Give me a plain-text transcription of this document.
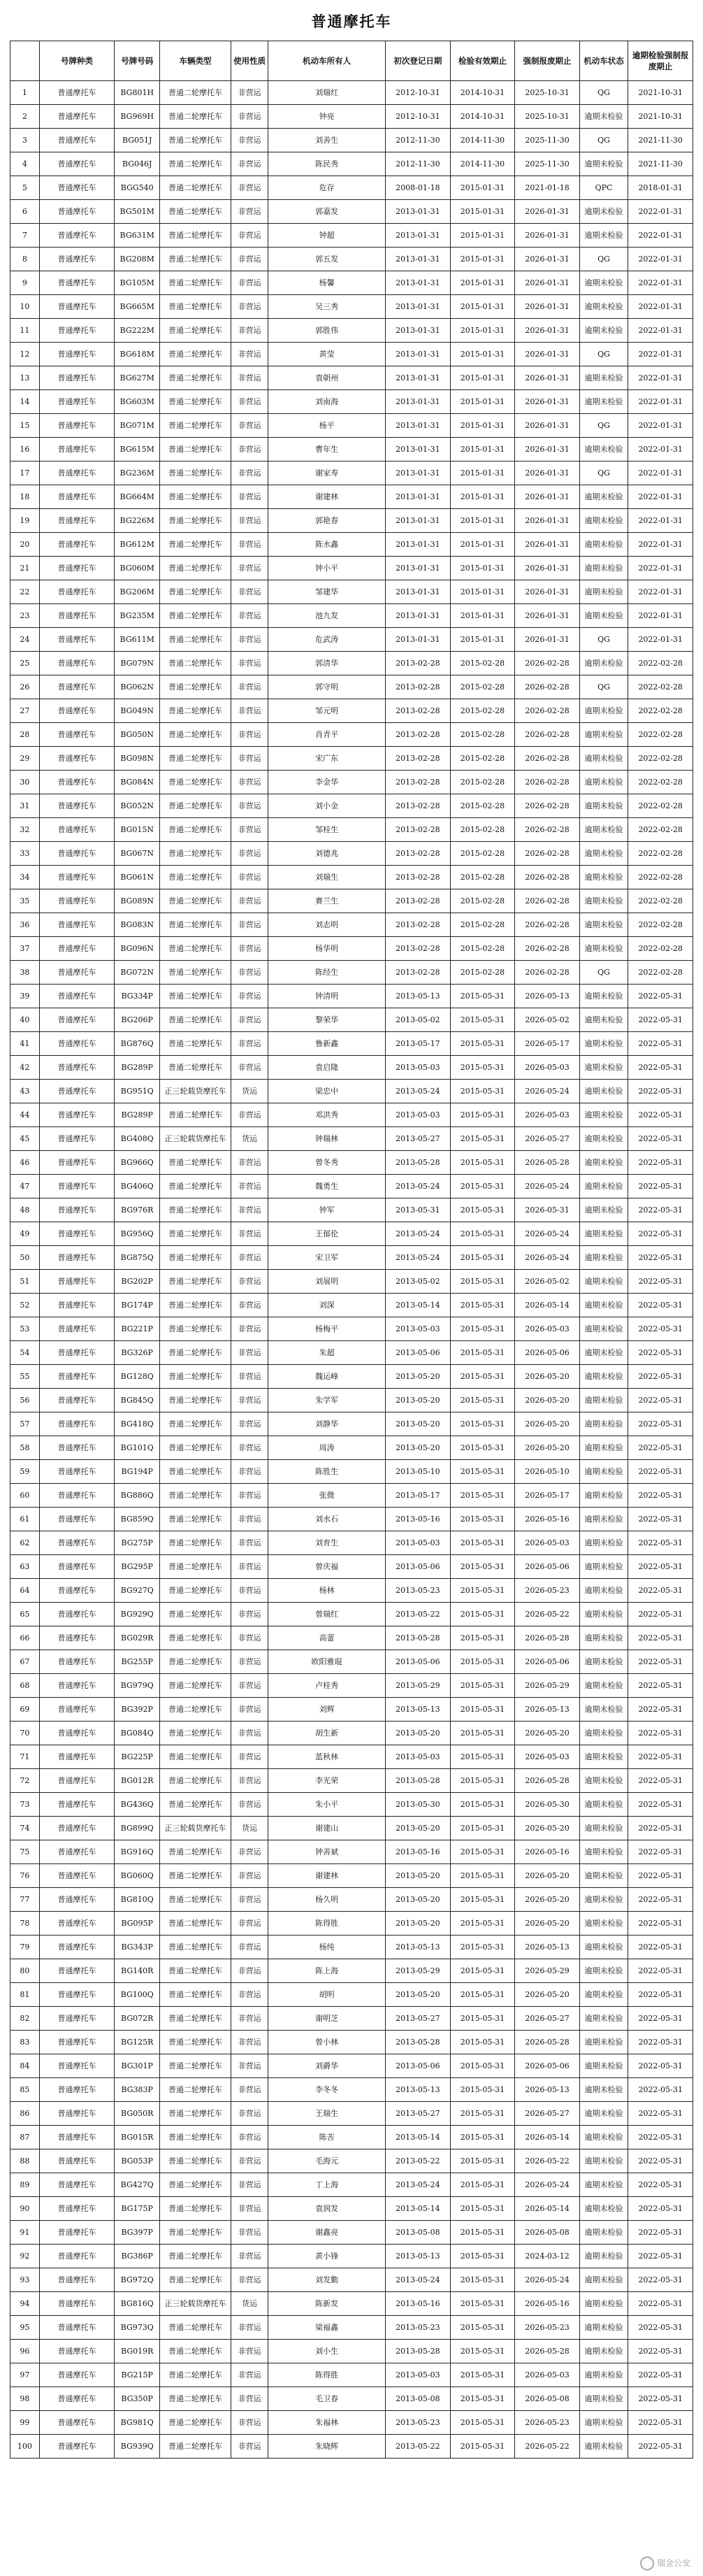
普通摩托车
	号牌种类	号牌号码	车辆类型	使用性质	机动车所有人	初次登记日期	检验有效期止	强制报废期止	机动车状态	逾期检验强制报废期止
1	普通摩托车	BG801H	普通二轮摩托车	非营运	刘瑞红	2012-10-31	2014-10-31	2025-10-31	QG	2021-10-31
2	普通摩托车	BG969H	普通二轮摩托车	非营运	钟亮	2012-10-31	2014-10-31	2025-10-31	逾期未检验	2021-10-31
3	普通摩托车	BG051J	普通二轮摩托车	非营运	刘善生	2012-11-30	2014-11-30	2025-11-30	QG	2021-11-30
4	普通摩托车	BG046J	普通二轮摩托车	非营运	陈民秀	2012-11-30	2014-11-30	2025-11-30	逾期未检验	2021-11-30
5	普通摩托车	BGG540	普通二轮摩托车	非营运	危存	2008-01-18	2015-01-31	2021-01-18	QPC	2018-01-31
6	普通摩托车	BG501M	普通二轮摩托车	非营运	郭嘉发	2013-01-31	2015-01-31	2026-01-31	逾期未检验	2022-01-31
7	普通摩托车	BG631M	普通二轮摩托车	非营运	钟超	2013-01-31	2015-01-31	2026-01-31	逾期未检验	2022-01-31
8	普通摩托车	BG208M	普通二轮摩托车	非营运	郭五发	2013-01-31	2015-01-31	2026-01-31	QG	2022-01-31
9	普通摩托车	BG105M	普通二轮摩托车	非营运	杨馨	2013-01-31	2015-01-31	2026-01-31	逾期未检验	2022-01-31
10	普通摩托车	BG665M	普通二轮摩托车	非营运	吴三秀	2013-01-31	2015-01-31	2026-01-31	逾期未检验	2022-01-31
11	普通摩托车	BG222M	普通二轮摩托车	非营运	郭胜伟	2013-01-31	2015-01-31	2026-01-31	逾期未检验	2022-01-31
12	普通摩托车	BG618M	普通二轮摩托车	非营运	黄莹	2013-01-31	2015-01-31	2026-01-31	QG	2022-01-31
13	普通摩托车	BG627M	普通二轮摩托车	非营运	袁朝州	2013-01-31	2015-01-31	2026-01-31	逾期未检验	2022-01-31
14	普通摩托车	BG603M	普通二轮摩托车	非营运	刘南海	2013-01-31	2015-01-31	2026-01-31	逾期未检验	2022-01-31
15	普通摩托车	BG071M	普通二轮摩托车	非营运	杨平	2013-01-31	2015-01-31	2026-01-31	QG	2022-01-31
16	普通摩托车	BG615M	普通二轮摩托车	非营运	曹年生	2013-01-31	2015-01-31	2026-01-31	逾期未检验	2022-01-31
17	普通摩托车	BG236M	普通二轮摩托车	非营运	谢家寿	2013-01-31	2015-01-31	2026-01-31	QG	2022-01-31
18	普通摩托车	BG664M	普通二轮摩托车	非营运	谢建林	2013-01-31	2015-01-31	2026-01-31	逾期未检验	2022-01-31
19	普通摩托车	BG226M	普通二轮摩托车	非营运	郭艳春	2013-01-31	2015-01-31	2026-01-31	逾期未检验	2022-01-31
20	普通摩托车	BG612M	普通二轮摩托车	非营运	陈水鑫	2013-01-31	2015-01-31	2026-01-31	逾期未检验	2022-01-31
21	普通摩托车	BG060M	普通二轮摩托车	非营运	钟小平	2013-01-31	2015-01-31	2026-01-31	逾期未检验	2022-01-31
22	普通摩托车	BG206M	普通二轮摩托车	非营运	邹建华	2013-01-31	2015-01-31	2026-01-31	逾期未检验	2022-01-31
23	普通摩托车	BG235M	普通二轮摩托车	非营运	池九发	2013-01-31	2015-01-31	2026-01-31	逾期未检验	2022-01-31
24	普通摩托车	BG611M	普通二轮摩托车	非营运	危武涛	2013-01-31	2015-01-31	2026-01-31	QG	2022-01-31
25	普通摩托车	BG079N	普通二轮摩托车	非营运	郭清华	2013-02-28	2015-02-28	2026-02-28	逾期未检验	2022-02-28
26	普通摩托车	BG062N	普通二轮摩托车	非营运	郭守明	2013-02-28	2015-02-28	2026-02-28	QG	2022-02-28
27	普通摩托车	BG049N	普通二轮摩托车	非营运	邹元明	2013-02-28	2015-02-28	2026-02-28	逾期未检验	2022-02-28
28	普通摩托车	BG050N	普通二轮摩托车	非营运	肖青平	2013-02-28	2015-02-28	2026-02-28	逾期未检验	2022-02-28
29	普通摩托车	BG098N	普通二轮摩托车	非营运	宋广东	2013-02-28	2015-02-28	2026-02-28	逾期未检验	2022-02-28
30	普通摩托车	BG084N	普通二轮摩托车	非营运	李金华	2013-02-28	2015-02-28	2026-02-28	逾期未检验	2022-02-28
31	普通摩托车	BG052N	普通二轮摩托车	非营运	刘小金	2013-02-28	2015-02-28	2026-02-28	逾期未检验	2022-02-28
32	普通摩托车	BG015N	普通二轮摩托车	非营运	邹桂生	2013-02-28	2015-02-28	2026-02-28	逾期未检验	2022-02-28
33	普通摩托车	BG067N	普通二轮摩托车	非营运	刘德兆	2013-02-28	2015-02-28	2026-02-28	逾期未检验	2022-02-28
34	普通摩托车	BG061N	普通二轮摩托车	非营运	刘瑞生	2013-02-28	2015-02-28	2026-02-28	逾期未检验	2022-02-28
35	普通摩托车	BG089N	普通二轮摩托车	非营运	赛兰生	2013-02-28	2015-02-28	2026-02-28	逾期未检验	2022-02-28
36	普通摩托车	BG083N	普通二轮摩托车	非营运	刘志明	2013-02-28	2015-02-28	2026-02-28	逾期未检验	2022-02-28
37	普通摩托车	BG096N	普通二轮摩托车	非营运	杨华明	2013-02-28	2015-02-28	2026-02-28	逾期未检验	2022-02-28
38	普通摩托车	BG072N	普通二轮摩托车	非营运	陈经生	2013-02-28	2015-02-28	2026-02-28	QG	2022-02-28
39	普通摩托车	BG334P	普通二轮摩托车	非营运	钟清明	2013-05-13	2015-05-31	2026-05-13	逾期未检验	2022-05-31
40	普通摩托车	BG206P	普通二轮摩托车	非营运	黎荣华	2013-05-02	2015-05-31	2026-05-02	逾期未检验	2022-05-31
41	普通摩托车	BG876Q	普通二轮摩托车	非营运	鲁新鑫	2013-05-17	2015-05-31	2026-05-17	逾期未检验	2022-05-31
42	普通摩托车	BG289P	普通二轮摩托车	非营运	袁启隆	2013-05-03	2015-05-31	2026-05-03	逾期未检验	2022-05-31
43	普通摩托车	BG951Q	正三轮载货摩托车	货运	梁忠中	2013-05-24	2015-05-31	2026-05-24	逾期未检验	2022-05-31
44	普通摩托车	BG289P	普通二轮摩托车	非营运	邓洪秀	2013-05-03	2015-05-31	2026-05-03	逾期未检验	2022-05-31
45	普通摩托车	BG408Q	正三轮载货摩托车	货运	钟瑞林	2013-05-27	2015-05-31	2026-05-27	逾期未检验	2022-05-31
46	普通摩托车	BG966Q	普通二轮摩托车	非营运	曾冬秀	2013-05-28	2015-05-31	2026-05-28	逾期未检验	2022-05-31
47	普通摩托车	BG406Q	普通二轮摩托车	非营运	魏勇生	2013-05-24	2015-05-31	2026-05-24	逾期未检验	2022-05-31
48	普通摩托车	BG976R	普通二轮摩托车	非营运	钟军	2013-05-31	2015-05-31	2026-05-31	逾期未检验	2022-05-31
49	普通摩托车	BG956Q	普通二轮摩托车	非营运	王郁伦	2013-05-24	2015-05-31	2026-05-24	逾期未检验	2022-05-31
50	普通摩托车	BG875Q	普通二轮摩托车	非营运	宋卫军	2013-05-24	2015-05-31	2026-05-24	逾期未检验	2022-05-31
51	普通摩托车	BG202P	普通二轮摩托车	非营运	刘展明	2013-05-02	2015-05-31	2026-05-02	逾期未检验	2022-05-31
52	普通摩托车	BG174P	普通二轮摩托车	非营运	刘深	2013-05-14	2015-05-31	2026-05-14	逾期未检验	2022-05-31
53	普通摩托车	BG221P	普通二轮摩托车	非营运	杨梅平	2013-05-03	2015-05-31	2026-05-03	逾期未检验	2022-05-31
54	普通摩托车	BG326P	普通二轮摩托车	非营运	朱超	2013-05-06	2015-05-31	2026-05-06	逾期未检验	2022-05-31
55	普通摩托车	BG128Q	普通二轮摩托车	非营运	魏运峰	2013-05-20	2015-05-31	2026-05-20	逾期未检验	2022-05-31
56	普通摩托车	BG845Q	普通二轮摩托车	非营运	朱学军	2013-05-20	2015-05-31	2026-05-20	逾期未检验	2022-05-31
57	普通摩托车	BG418Q	普通二轮摩托车	非营运	刘静华	2013-05-20	2015-05-31	2026-05-20	逾期未检验	2022-05-31
58	普通摩托车	BG101Q	普通二轮摩托车	非营运	周涛	2013-05-20	2015-05-31	2026-05-20	逾期未检验	2022-05-31
59	普通摩托车	BG194P	普通二轮摩托车	非营运	陈胜生	2013-05-10	2015-05-31	2026-05-10	逾期未检验	2022-05-31
60	普通摩托车	BG886Q	普通二轮摩托车	非营运	张微	2013-05-17	2015-05-31	2026-05-17	逾期未检验	2022-05-31
61	普通摩托车	BG859Q	普通二轮摩托车	非营运	刘水石	2013-05-16	2015-05-31	2026-05-16	逾期未检验	2022-05-31
62	普通摩托车	BG275P	普通二轮摩托车	非营运	刘育生	2013-05-03	2015-05-31	2026-05-03	逾期未检验	2022-05-31
63	普通摩托车	BG295P	普通二轮摩托车	非营运	曾庆福	2013-05-06	2015-05-31	2026-05-06	逾期未检验	2022-05-31
64	普通摩托车	BG927Q	普通二轮摩托车	非营运	杨林	2013-05-23	2015-05-31	2026-05-23	逾期未检验	2022-05-31
65	普通摩托车	BG929Q	普通二轮摩托车	非营运	曾瑞红	2013-05-22	2015-05-31	2026-05-22	逾期未检验	2022-05-31
66	普通摩托车	BG029R	普通二轮摩托车	非营运	高蕾	2013-05-28	2015-05-31	2026-05-28	逾期未检验	2022-05-31
67	普通摩托车	BG255P	普通二轮摩托车	非营运	欧阳雅琨	2013-05-06	2015-05-31	2026-05-06	逾期未检验	2022-05-31
68	普通摩托车	BG979Q	普通二轮摩托车	非营运	卢桂秀	2013-05-29	2015-05-31	2026-05-29	逾期未检验	2022-05-31
69	普通摩托车	BG392P	普通二轮摩托车	非营运	刘辉	2013-05-13	2015-05-31	2026-05-13	逾期未检验	2022-05-31
70	普通摩托车	BG084Q	普通二轮摩托车	非营运	胡生新	2013-05-20	2015-05-31	2026-05-20	逾期未检验	2022-05-31
71	普通摩托车	BG225P	普通二轮摩托车	非营运	蓝秋林	2013-05-03	2015-05-31	2026-05-03	逾期未检验	2022-05-31
72	普通摩托车	BG012R	普通二轮摩托车	非营运	李光荣	2013-05-28	2015-05-31	2026-05-28	逾期未检验	2022-05-31
73	普通摩托车	BG436Q	普通二轮摩托车	非营运	朱小平	2013-05-30	2015-05-31	2026-05-30	逾期未检验	2022-05-31
74	普通摩托车	BG899Q	正三轮载货摩托车	货运	谢建山	2013-05-20	2015-05-31	2026-05-20	逾期未检验	2022-05-31
75	普通摩托车	BG916Q	普通二轮摩托车	非营运	钟善斌	2013-05-16	2015-05-31	2026-05-16	逾期未检验	2022-05-31
76	普通摩托车	BG060Q	普通二轮摩托车	非营运	谢建林	2013-05-20	2015-05-31	2026-05-20	逾期未检验	2022-05-31
77	普通摩托车	BG810Q	普通二轮摩托车	非营运	杨久明	2013-05-20	2015-05-31	2026-05-20	逾期未检验	2022-05-31
78	普通摩托车	BG095P	普通二轮摩托车	非营运	陈得胜	2013-05-20	2015-05-31	2026-05-20	逾期未检验	2022-05-31
79	普通摩托车	BG343P	普通二轮摩托车	非营运	杨纯	2013-05-13	2015-05-31	2026-05-13	逾期未检验	2022-05-31
80	普通摩托车	BG140R	普通二轮摩托车	非营运	陈上海	2013-05-29	2015-05-31	2026-05-29	逾期未检验	2022-05-31
81	普通摩托车	BG100Q	普通二轮摩托车	非营运	胡明	2013-05-20	2015-05-31	2026-05-20	逾期未检验	2022-05-31
82	普通摩托车	BG072R	普通二轮摩托车	非营运	谢明芝	2013-05-27	2015-05-31	2026-05-27	逾期未检验	2022-05-31
83	普通摩托车	BG125R	普通二轮摩托车	非营运	曾小林	2013-05-28	2015-05-31	2026-05-28	逾期未检验	2022-05-31
84	普通摩托车	BG301P	普通二轮摩托车	非营运	刘爵华	2013-05-06	2015-05-31	2026-05-06	逾期未检验	2022-05-31
85	普通摩托车	BG383P	普通二轮摩托车	非营运	李冬冬	2013-05-13	2015-05-31	2026-05-13	逾期未检验	2022-05-31
86	普通摩托车	BG050R	普通二轮摩托车	非营运	王瑞生	2013-05-27	2015-05-31	2026-05-27	逾期未检验	2022-05-31
87	普通摩托车	BG015R	普通二轮摩托车	非营运	陈苦	2013-05-14	2015-05-31	2026-05-14	逾期未检验	2022-05-31
88	普通摩托车	BG053P	普通二轮摩托车	非营运	毛海元	2013-05-22	2015-05-31	2026-05-22	逾期未检验	2022-05-31
89	普通摩托车	BG427Q	普通二轮摩托车	非营运	丁上海	2013-05-24	2015-05-31	2026-05-24	逾期未检验	2022-05-31
90	普通摩托车	BG175P	普通二轮摩托车	非营运	袁润发	2013-05-14	2015-05-31	2026-05-14	逾期未检验	2022-05-31
91	普通摩托车	BG397P	普通二轮摩托车	非营运	谢鑫亮	2013-05-08	2015-05-31	2026-05-08	逾期未检验	2022-05-31
92	普通摩托车	BG386P	普通二轮摩托车	非营运	黄小锋	2013-05-13	2015-05-31	2024-03-12	逾期未检验	2022-05-31
93	普通摩托车	BG972Q	普通二轮摩托车	非营运	刘发勤	2013-05-24	2015-05-31	2026-05-24	逾期未检验	2022-05-31
94	普通摩托车	BG816Q	正三轮载货摩托车	货运	陈新发	2013-05-16	2015-05-31	2026-05-16	逾期未检验	2022-05-31
95	普通摩托车	BG973Q	普通二轮摩托车	非营运	梁福鑫	2013-05-23	2015-05-31	2026-05-23	逾期未检验	2022-05-31
96	普通摩托车	BG019R	普通二轮摩托车	非营运	刘小生	2013-05-28	2015-05-31	2026-05-28	逾期未检验	2022-05-31
97	普通摩托车	BG215P	普通二轮摩托车	非营运	陈得胜	2013-05-03	2015-05-31	2026-05-03	逾期未检验	2022-05-31
98	普通摩托车	BG350P	普通二轮摩托车	非营运	毛卫春	2013-05-08	2015-05-31	2026-05-08	逾期未检验	2022-05-31
99	普通摩托车	BG981Q	普通二轮摩托车	非营运	朱福林	2013-05-23	2015-05-31	2026-05-23	逾期未检验	2022-05-31
100	普通摩托车	BG939Q	普通二轮摩托车	非营运	朱晓辉	2013-05-22	2015-05-31	2026-05-22	逾期未检验	2022-05-31
瑞金公安
